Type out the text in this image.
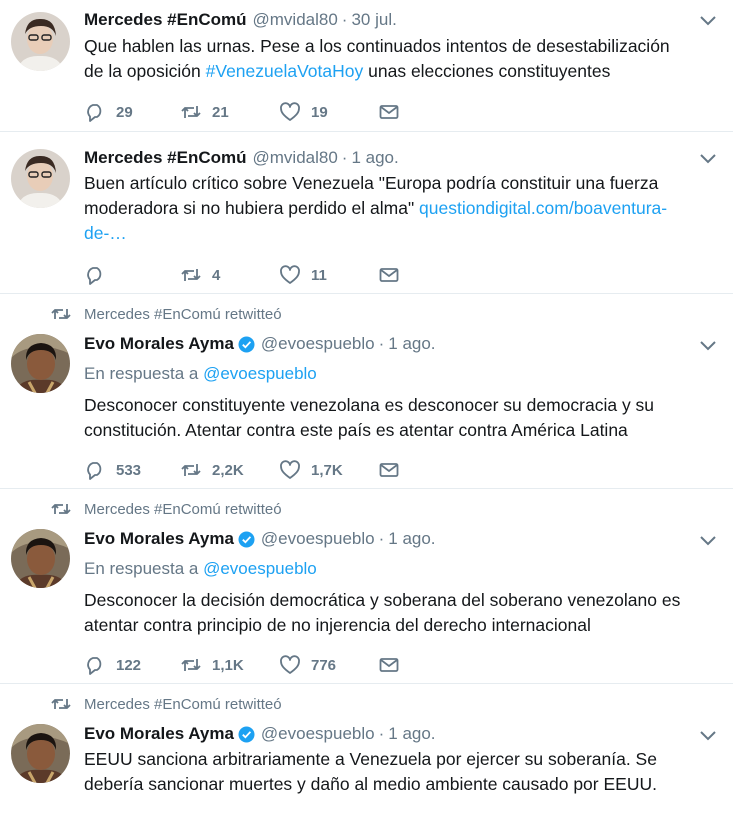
Mercedes #EnComú @mvidal80 · 30 jul.
Que hablen las urnas. Pese a los continuados intentos de desestabilización de la oposición #VenezuelaVotaHoy unas elecciones constituyentes
29	21	19
Mercedes #EnComú @mvidal80 · 1 ago.
Buen artículo crítico sobre Venezuela "Europa podría constituir una fuerza moderadora si no hubiera perdido el alma" questiondigital.com/boaventura-de-…
4	11
Mercedes #EnComú retwitteó
Evo Morales Ayma @evoespueblo · 1 ago.
En respuesta a @evoespueblo
Desconocer constituyente venezolana es desconocer su democracia y su constitución. Atentar contra este país es atentar contra América Latina
533	2,2K	1,7K
Mercedes #EnComú retwitteó
Evo Morales Ayma @evoespueblo · 1 ago.
En respuesta a @evoespueblo
Desconocer la decisión democrática y soberana del soberano venezolano es atentar contra principio de no injerencia del derecho internacional
122	1,1K	776
Mercedes #EnComú retwitteó
Evo Morales Ayma @evoespueblo · 1 ago.
EEUU sanciona arbitrariamente a Venezuela por ejercer su soberanía. Se debería sancionar muertes y daño al medio ambiente causado por EEUU.
